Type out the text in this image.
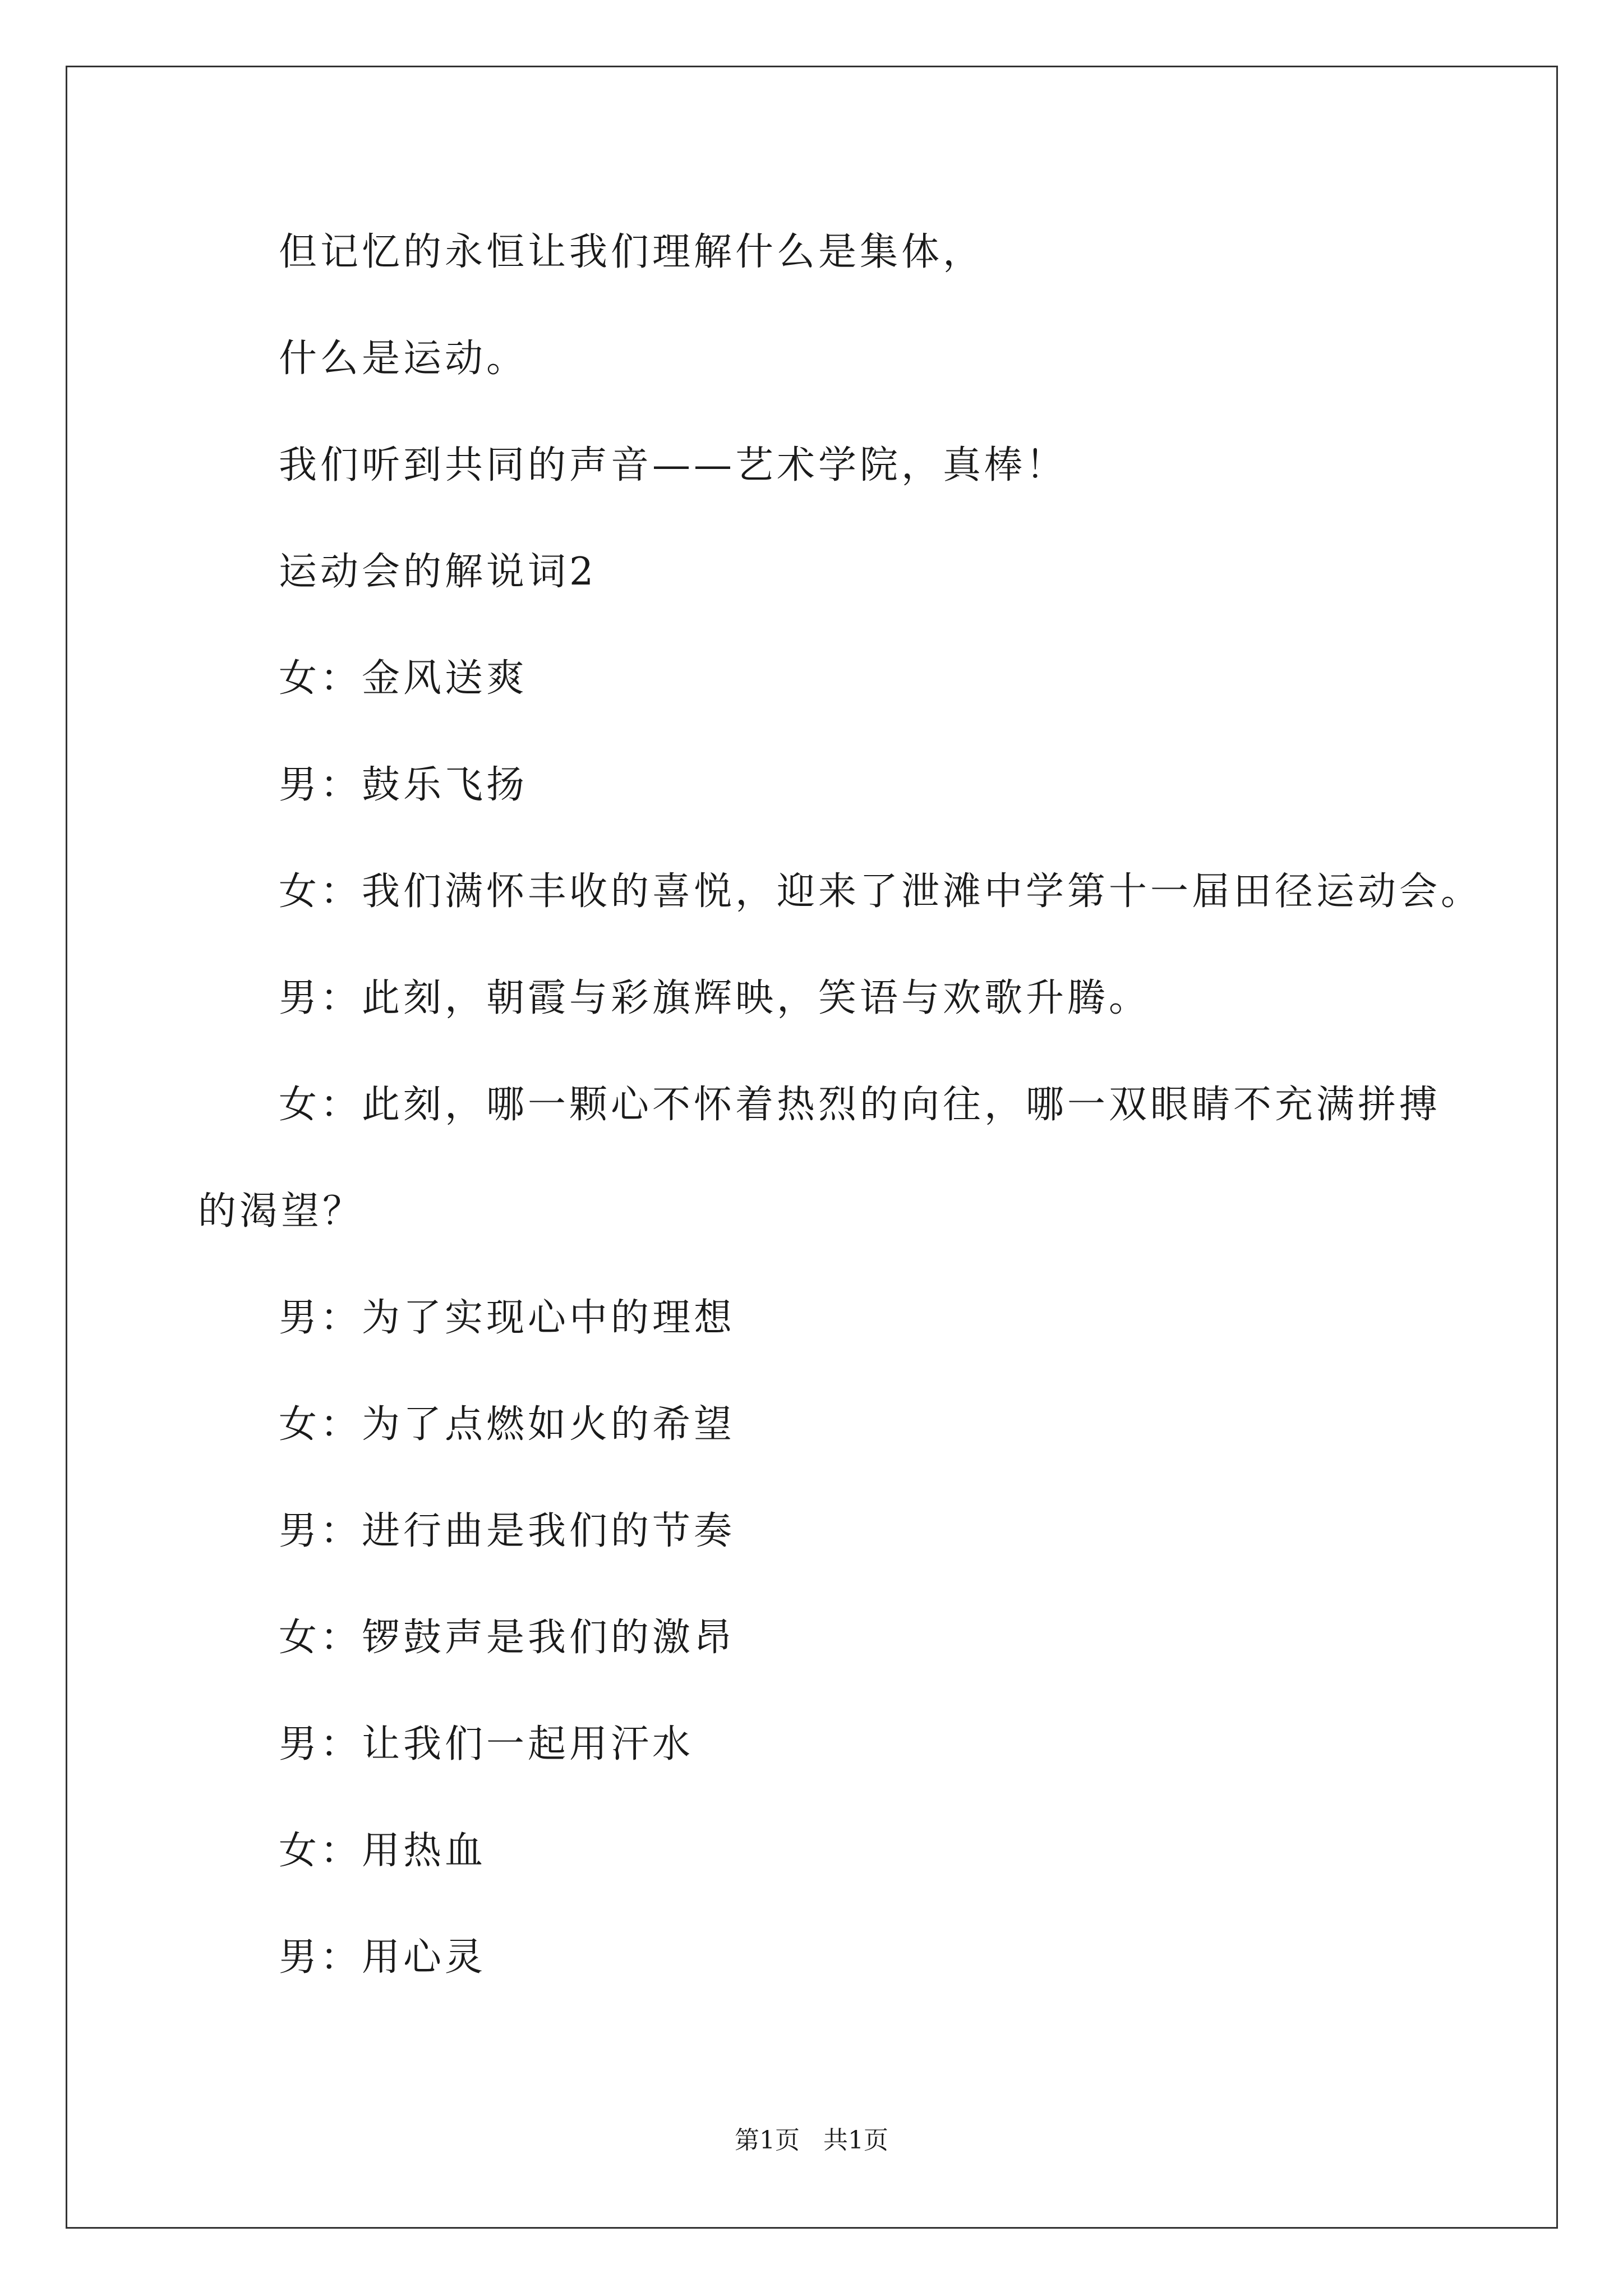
但记忆的永恒让我们理解什么是集体，
什么是运动。
我们听到共同的声音——艺术学院，真棒！
运动会的解说词2
女：金风送爽
男：鼓乐飞扬
女：我们满怀丰收的喜悦，迎来了泄滩中学第十一届田径运动会。
男：此刻，朝霞与彩旗辉映，笑语与欢歌升腾。
女：此刻，哪一颗心不怀着热烈的向往，哪一双眼睛不充满拼搏
的渴望？
男：为了实现心中的理想
女：为了点燃如火的希望
男：进行曲是我们的节奏
女：锣鼓声是我们的激昂
男：让我们一起用汗水
女：用热血
男：用心灵
第1页   共1页
